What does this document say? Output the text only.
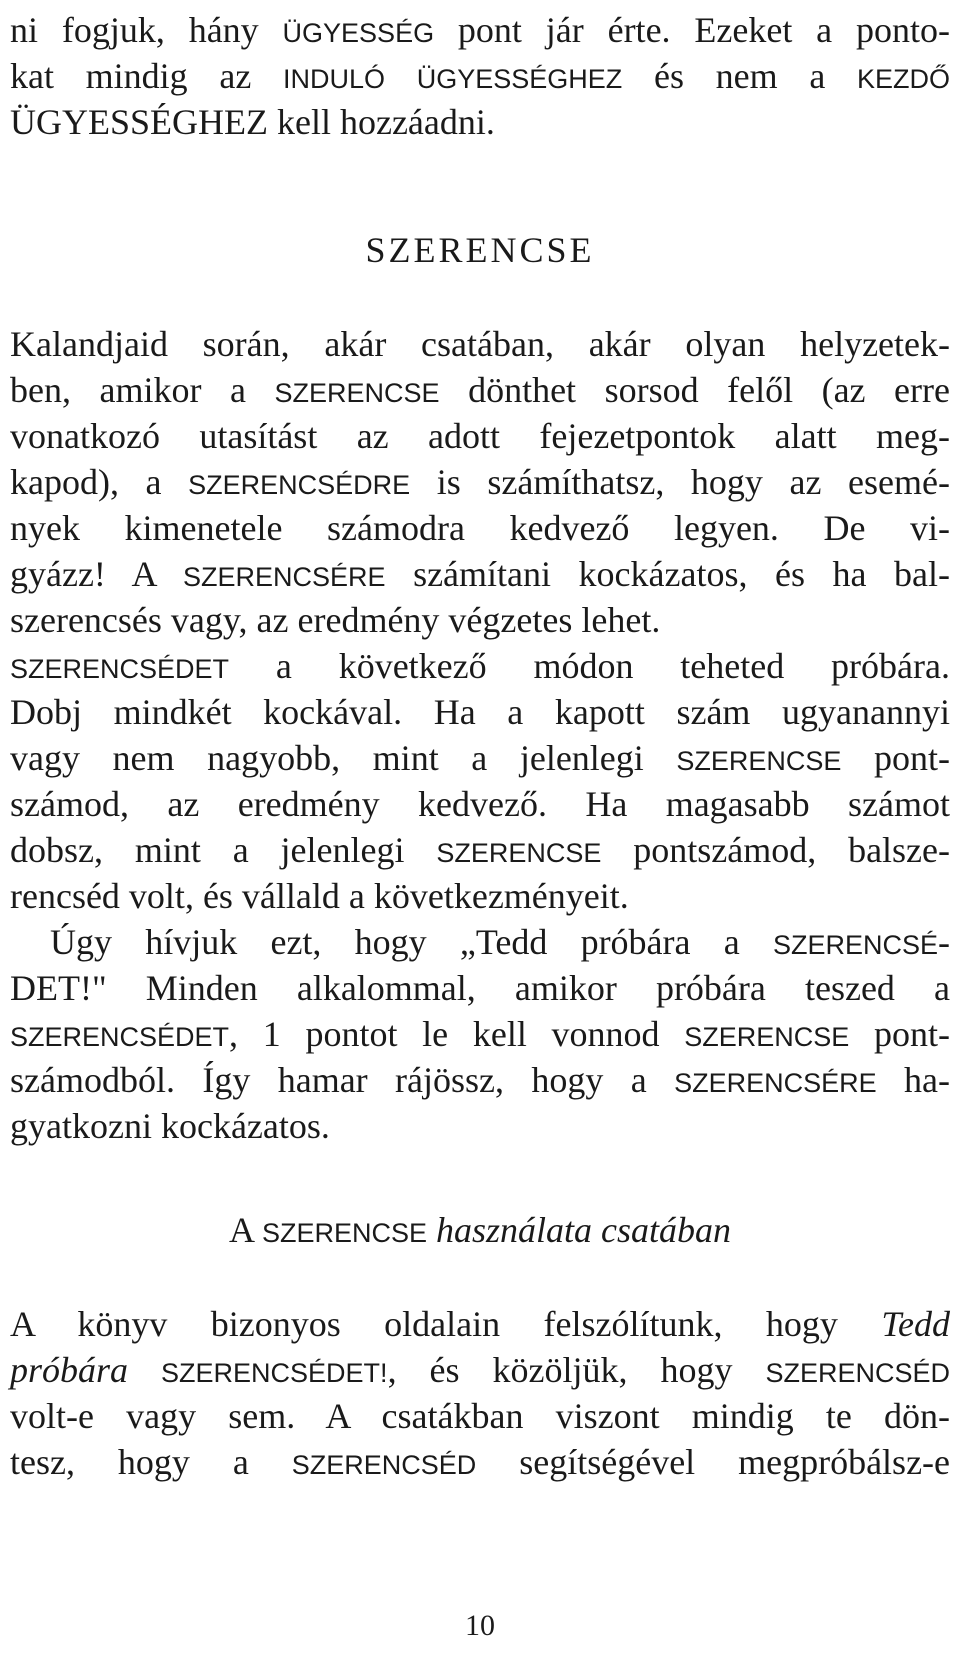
ni fogjuk, hány ÜGYESSÉG pont jár érte. Ezeket a ponto-
kat mindig az INDULÓ ÜGYESSÉGHEZ és nem a KEZDŐ
ÜGYESSÉGHEZ kell hozzáadni.
SZERENCSE
Kalandjaid során, akár csatában, akár olyan helyzetek-
ben, amikor a SZERENCSE dönthet sorsod felől (az erre
vonatkozó utasítást az adott fejezetpontok alatt meg-
kapod), a SZERENCSÉDRE is számíthatsz, hogy az esemé-
nyek kimenetele számodra kedvező legyen. De vi-
gyázz! A SZERENCSÉRE számítani kockázatos, és ha bal-
szerencsés vagy, az eredmény végzetes lehet.
SZERENCSÉDET a következő módon teheted próbára.
Dobj mindkét kockával. Ha a kapott szám ugyanannyi
vagy nem nagyobb, mint a jelenlegi SZERENCSE pont-
számod, az eredmény kedvező. Ha magasabb számot
dobsz, mint a jelenlegi SZERENCSE pontszámod, balsze-
rencséd volt, és vállald a következményeit.
Úgy hívjuk ezt, hogy „Tedd próbára a SZERENCSÉ-
DET!" Minden alkalommal, amikor próbára teszed a
SZERENCSÉDET, 1 pontot le kell vonnod SZERENCSE pont-
számodból. Így hamar rájössz, hogy a SZERENCSÉRE ha-
gyatkozni kockázatos.
A SZERENCSE használata csatában
A könyv bizonyos oldalain felszólítunk, hogy Tedd
próbára SZERENCSÉDET!, és közöljük, hogy SZERENCSÉD
volt-e vagy sem. A csatákban viszont mindig te dön-
tesz, hogy a SZERENCSÉD segítségével megpróbálsz-e
10
